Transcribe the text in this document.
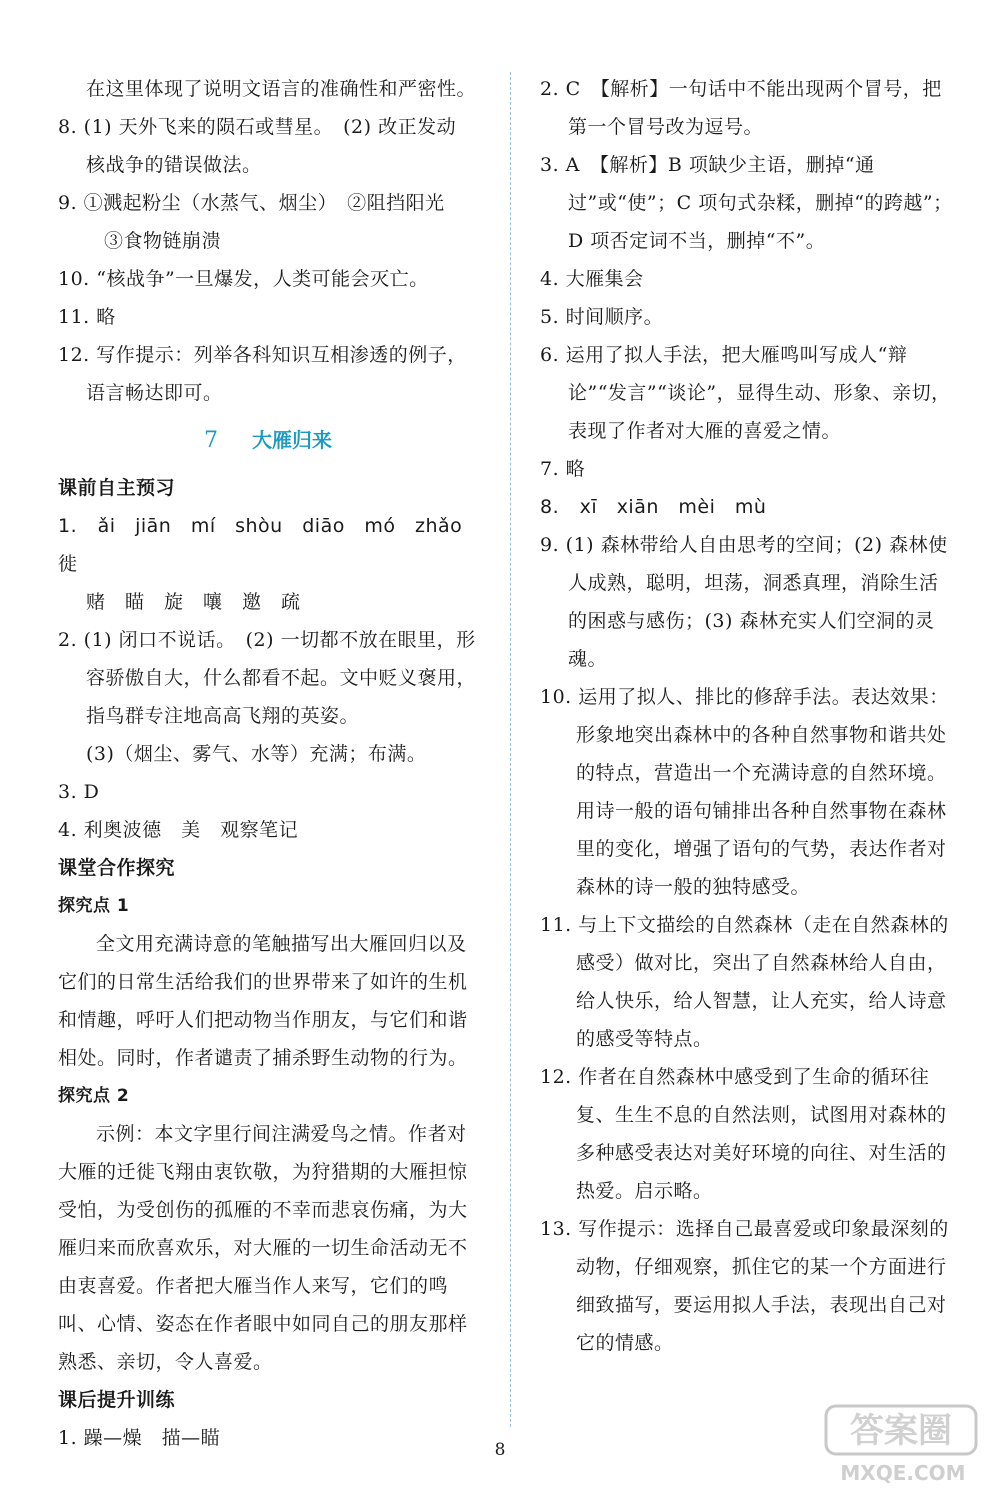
在这里体现了说明文语言的准确性和严密性。

8. (1) 天外飞来的陨石或彗星。　(2) 改正发动

核战争的错误做法。

9. ①溅起粉尘（水蒸气、烟尘）　②阻挡阳光

③食物链崩溃

10. “核战争”一旦爆发，人类可能会灭亡。

11. 略

12. 写作提示：列举各科知识互相渗透的例子，语言畅达即可。

7 大雁归来

课前自主预习

1. ǎi　jiān　mí　shòu　diāo　mó　zhǎo　徙

赌　瞄　旋　嚷　邀　疏

2. (1) 闭口不说话。　(2) 一切都不放在眼里，形容骄傲自大，什么都看不起。文中贬义褒用，指鸟群专注地高高飞翔的英姿。

(3)（烟尘、雾气、水等）充满；布满。

3. D

4. 利奥波德　美　观察笔记

课堂合作探究

探究点 1

全文用充满诗意的笔触描写出大雁回归以及它们的日常生活给我们的世界带来了如许的生机和情趣，呼吁人们把动物当作朋友，与它们和谐相处。同时，作者谴责了捕杀野生动物的行为。

探究点 2

示例：本文字里行间注满爱鸟之情。作者对大雁的迁徙飞翔由衷钦敬，为狩猎期的大雁担惊受怕，为受创伤的孤雁的不幸而悲哀伤痛，为大雁归来而欣喜欢乐，对大雁的一切生命活动无不由衷喜爱。作者把大雁当作人来写，它们的鸣叫、心情、姿态在作者眼中如同自己的朋友那样熟悉、亲切，令人喜爱。

课后提升训练

1. 躁—燥　描—瞄

2. C　【解析】一句话中不能出现两个冒号，把第一个冒号改为逗号。

3. A　【解析】B 项缺少主语，删掉“通过”或“使”；C 项句式杂糅，删掉“的跨越”；D 项否定词不当，删掉“不”。

4. 大雁集会

5. 时间顺序。

6. 运用了拟人手法，把大雁鸣叫写成人“辩论”“发言”“谈论”，显得生动、形象、亲切，表现了作者对大雁的喜爱之情。

7. 略

8. xī　xiān　mèi　mù

9. (1) 森林带给人自由思考的空间；(2) 森林使人成熟，聪明，坦荡，洞悉真理，消除生活的困惑与感伤；(3) 森林充实人们空洞的灵魂。

10. 运用了拟人、排比的修辞手法。表达效果：形象地突出森林中的各种自然事物和谐共处的特点，营造出一个充满诗意的自然环境。用诗一般的语句铺排出各种自然事物在森林里的变化，增强了语句的气势，表达作者对森林的诗一般的独特感受。

11. 与上下文描绘的自然森林（走在自然森林的感受）做对比，突出了自然森林给人自由，给人快乐，给人智慧，让人充实，给人诗意的感受等特点。

12. 作者在自然森林中感受到了生命的循环往复、生生不息的自然法则，试图用对森林的多种感受表达对美好环境的向往、对生活的热爱。启示略。

13. 写作提示：选择自己最喜爱或印象最深刻的动物，仔细观察，抓住它的某一个方面进行细致描写，要运用拟人手法，表现出自己对它的情感。

8	答案圈
MXQE.COM
